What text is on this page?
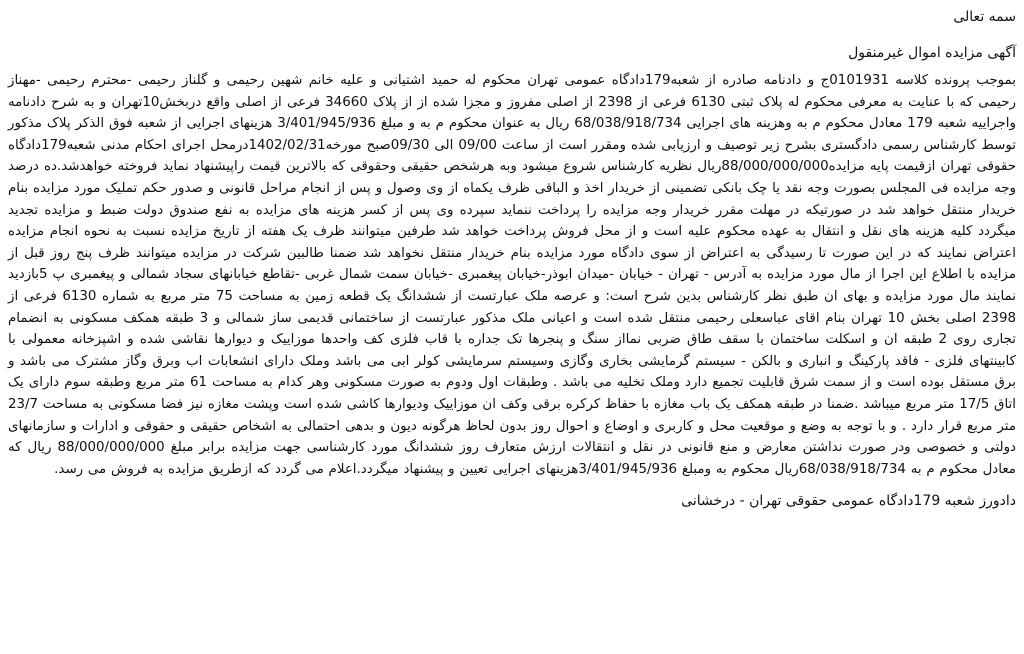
سمه تعالی

آگهی مزایده اموال غیرمنقول

بموجب پرونده کلاسه 0101931ج و دادنامه صادره از شعبه179دادگاه عمومی تهران محکوم له حمید اشتیانی و علیه خانم شهین رحیمی و گلناز رحیمی -محترم رحیمی -مهناز رحیمی که با عنایت به معرفی محکوم له پلاک ثبتی 6130 فرعی از 2398 از اصلی مفروز و مجزا شده از از پلاک 34660 فرعی از اصلی واقع دربخش10تهران و به شرح دادنامه واجراییه شعبه 179 معادل محکوم م به وهزینه های اجرایی 68/038/918/734 ریال به عنوان محکوم م به و مبلغ 3/401/945/936 هزینهای اجرایی از شعبه فوق الذکر پلاک مذکور توسط کارشناس رسمی دادگستری بشرح زیر توصیف و ارزیابی شده ومقرر است از ساعت 09/00 الی 09/30صبح مورخه1402/02/31درمحل اجرای احکام مدنی شعبه179دادگاه حقوقی تهران ازقیمت پایه مزایده88/000/000/000ریال نظریه کارشناس شروع میشود وبه هرشخص حقیقی وحقوقی که بالاترین قیمت راپیشنهاد نماید فروخته خواهدشد.ده درصد وجه مزایده فی المجلس بصورت وجه نقد یا چک بانکی تضمینی از خریدار اخذ و الباقی ظرف یکماه از وی وصول و پس از انجام مراحل قانونی و صدور حکم تملیک مورد مزایده بنام خریدار منتقل خواهد شد در صورتیکه در مهلت مقرر خریدار وجه مزایده را پرداخت ننماید سپرده وی پس از کسر هزینه های مزایده به نفع صندوق دولت ضبط و مزایده تجدید میگردد کلیه هزینه های نقل و انتقال به عهده محکوم علیه است و از محل فروش پرداخت خواهد شد طرفین میتوانند ظرف یک هفته از تاریخ مزایده نسبت به نحوه انجام مزایده اعتراض نمایند که در این صورت تا رسیدگی به اعتراض از سوی دادگاه مورد مزایده بنام خریدار منتقل نخواهد شد ضمنا طالبین شرکت در مزایده میتوانند ظرف پنج روز قبل از مزایده با اطلاع این اجرا از مال مورد مزایده به آدرس - تهران - خیابان -میدان ابوذر-خیابان پیغمبری -خیابان سمت شمال غربی -تقاطع خیابانهای سجاد شمالی و پیغمبری پ 5بازدید نمایند مال مورد مزایده و بهای ان طبق نظر کارشناس بدین شرح است: و عرصه ملک عبارتست از ششدانگ یک قطعه زمین به مساحت 75 متر مربع به شماره 6130 فرعی از 2398 اصلی بخش 10 تهران بنام اقای عباسعلی رحیمی منتقل شده است و اعیانی ملک مذکور عبارتست از ساختمانی قدیمی ساز شمالی و 3 طبقه همکف مسکونی به انضمام تجاری روی 2 طبقه ان و اسکلت ساختمان با سقف طاق ضربی نمااز سنگ و پنجرها تک جداره با قاب فلزی کف واحدها موزاییک و دیوارها نقاشی شده و اشپزخانه معمولی با کابینتهای فلزی - فاقد پارکینگ و انباری و بالکن - سیستم گرمایشی بخاری وگازی وسیستم سرمایشی کولر ابی می باشد وملک دارای انشعابات اب وبرق وگاز مشترک می باشد و برق مستقل بوده است و از سمت شرق قابلیت تجمیع دارد وملک تخلیه می باشد . وطبقات اول ودوم به صورت مسکونی وهر کدام به مساحت 61 متر مربع وطبقه سوم دارای یک اتاق 17/5 متر مربع میباشد .ضمنا در طبقه همکف یک باب مغازه با حفاظ کرکره برقی وکف ان موزاییک ودیوارها کاشی شده است وپشت مغازه نیز فضا مسکونی به مساحت 23/7 متر مربع قرار دارد . و با توجه به وضع و موقعیت محل و کاربری و اوضاع و احوال روز بدون لحاظ هرگونه دیون و بدهی احتمالی به اشخاص حقیقی و حقوقی و ادارات و سازمانهای دولتی و خصوصی ودر صورت نداشتن معارض و منع قانونی در نقل و انتقالات ارزش متعارف روز ششدانگ مورد کارشناسی جهت مزایده برابر مبلغ 88/000/000/000 ریال که معادل محکوم م به 68/038/918/734ریال محکوم به ومبلغ 3/401/945/936هزینهای اجرایی تعیین و پیشنهاد میگردد.اعلام می گردد که ازطریق مزایده به فروش می رسد.

دادورز شعبه 179دادگاه عمومی حقوقی تهران - درخشانی
